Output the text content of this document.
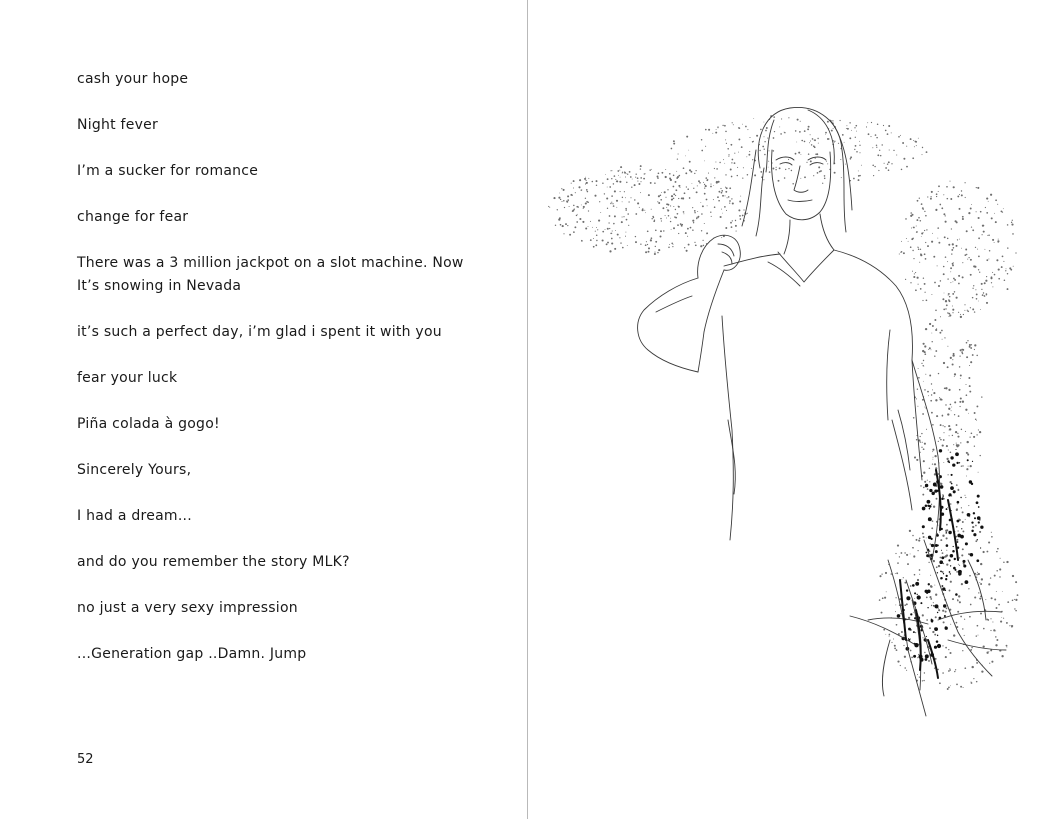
cash your hope
Night fever
I’m a sucker for romance
change for fear
There was a 3 million jackpot on a slot machine. Now It’s snowing in Nevada
it’s such a perfect day, i’m glad i spent it with you
fear your luck
Piña colada à gogo!
Sincerely Yours,
I had a dream...
and do you remember the story MLK?
no just a very sexy impression
...Generation gap ..Damn. Jump
52
